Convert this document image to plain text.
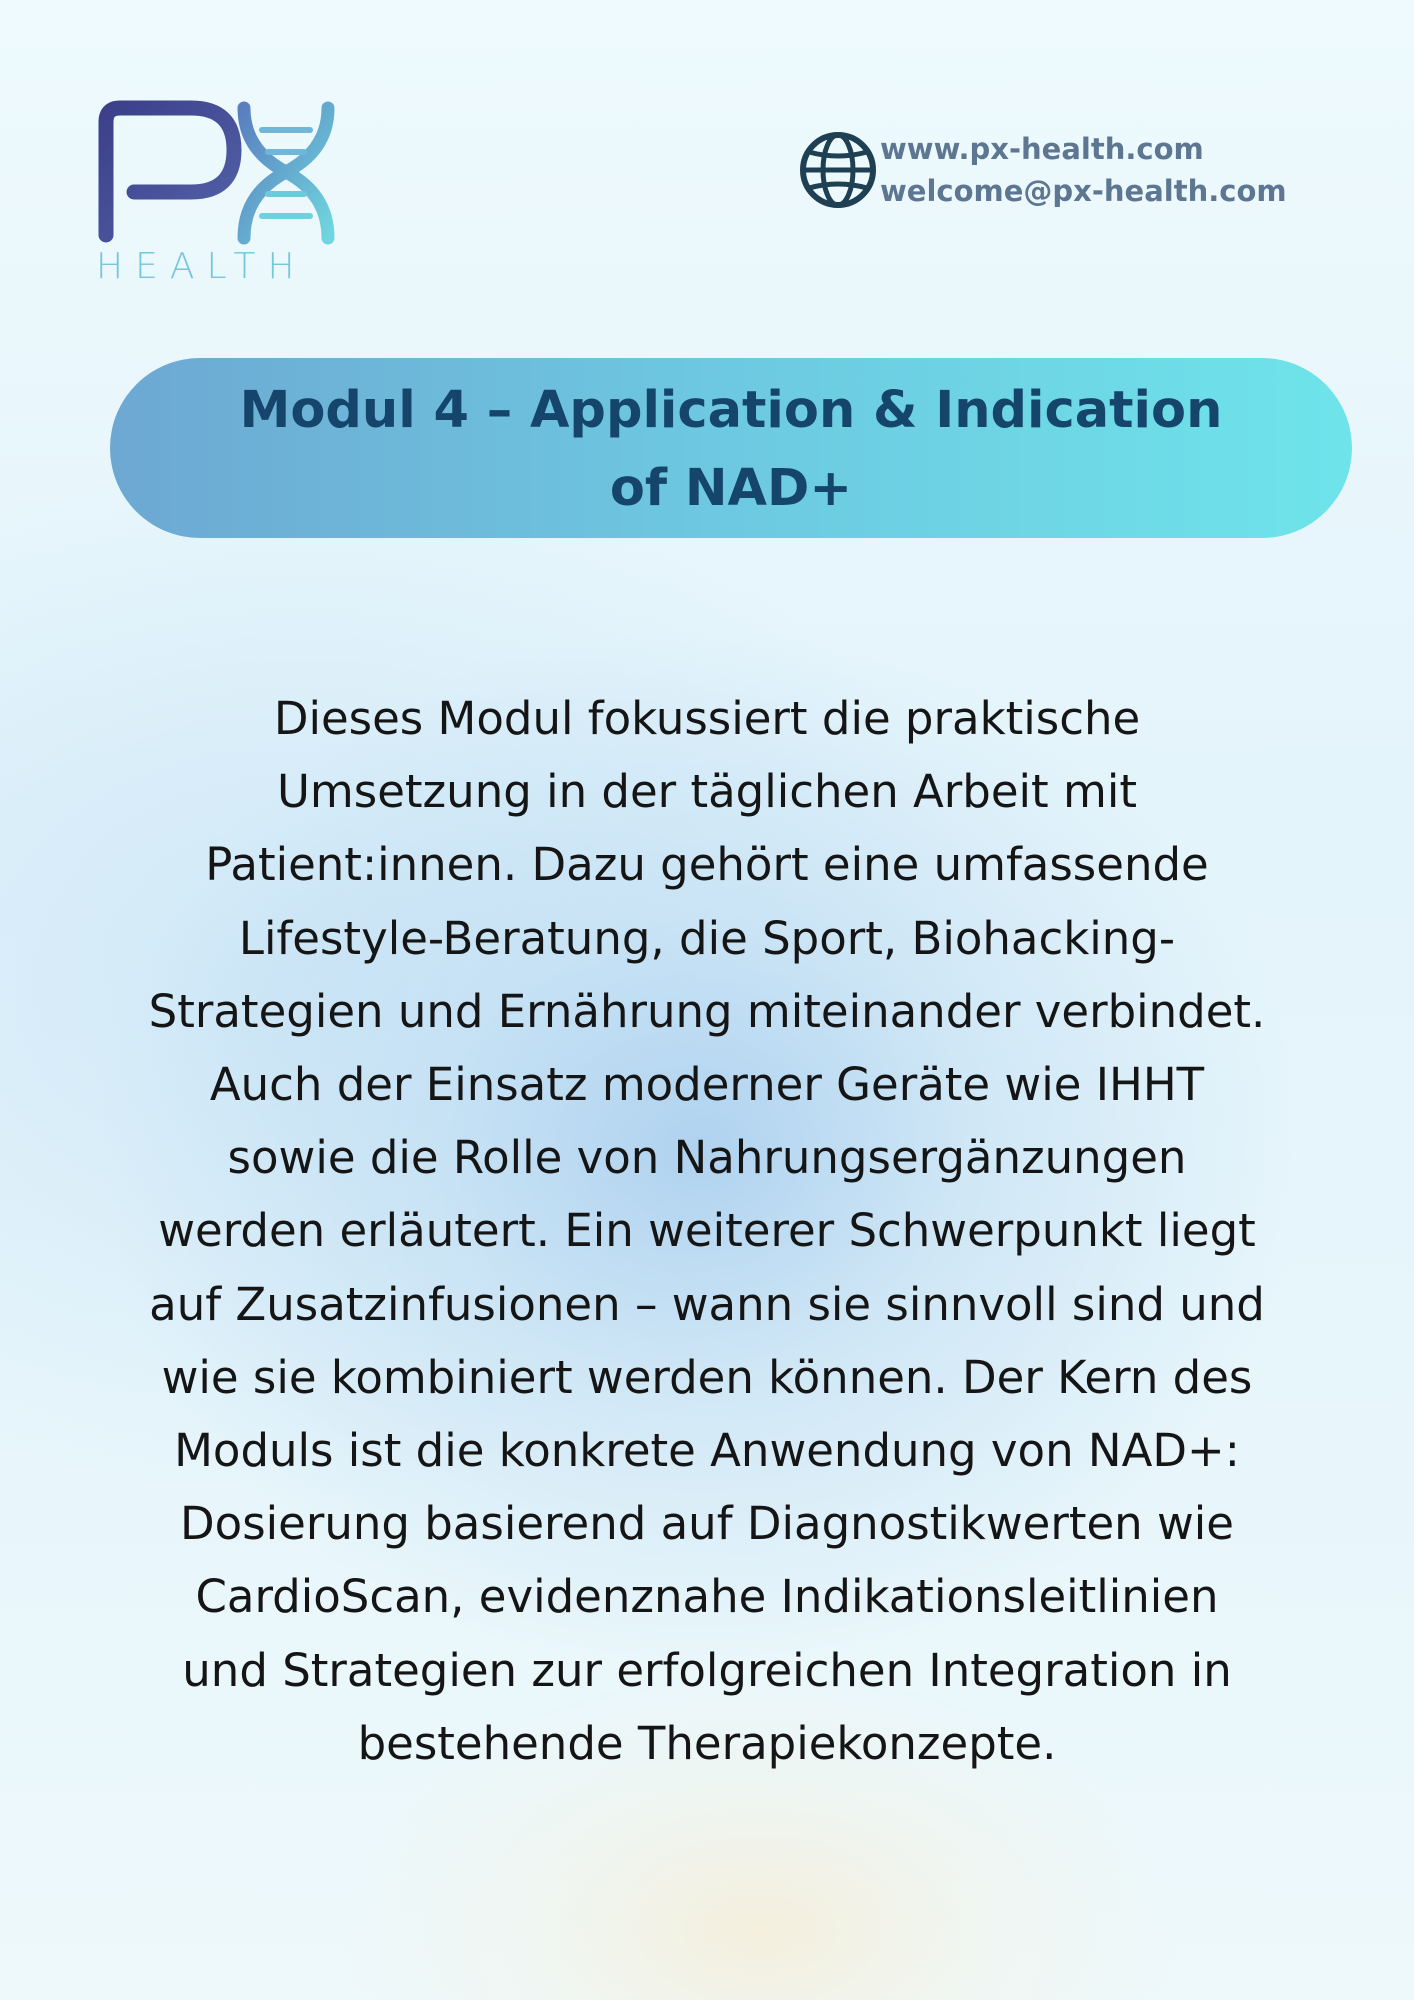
HEALTH
www.px-health.com
welcome@px-health.com
Modul 4 – Application & Indication
of NAD+
Dieses Modul fokussiert die praktische
Umsetzung in der täglichen Arbeit mit
Patient:innen. Dazu gehört eine umfassende
Lifestyle-Beratung, die Sport, Biohacking-
Strategien und Ernährung miteinander verbindet.
Auch der Einsatz moderner Geräte wie IHHT
sowie die Rolle von Nahrungsergänzungen
werden erläutert. Ein weiterer Schwerpunkt liegt
auf Zusatzinfusionen – wann sie sinnvoll sind und
wie sie kombiniert werden können. Der Kern des
Moduls ist die konkrete Anwendung von NAD+:
Dosierung basierend auf Diagnostikwerten wie
CardioScan, evidenznahe Indikationsleitlinien
und Strategien zur erfolgreichen Integration in
bestehende Therapiekonzepte.
